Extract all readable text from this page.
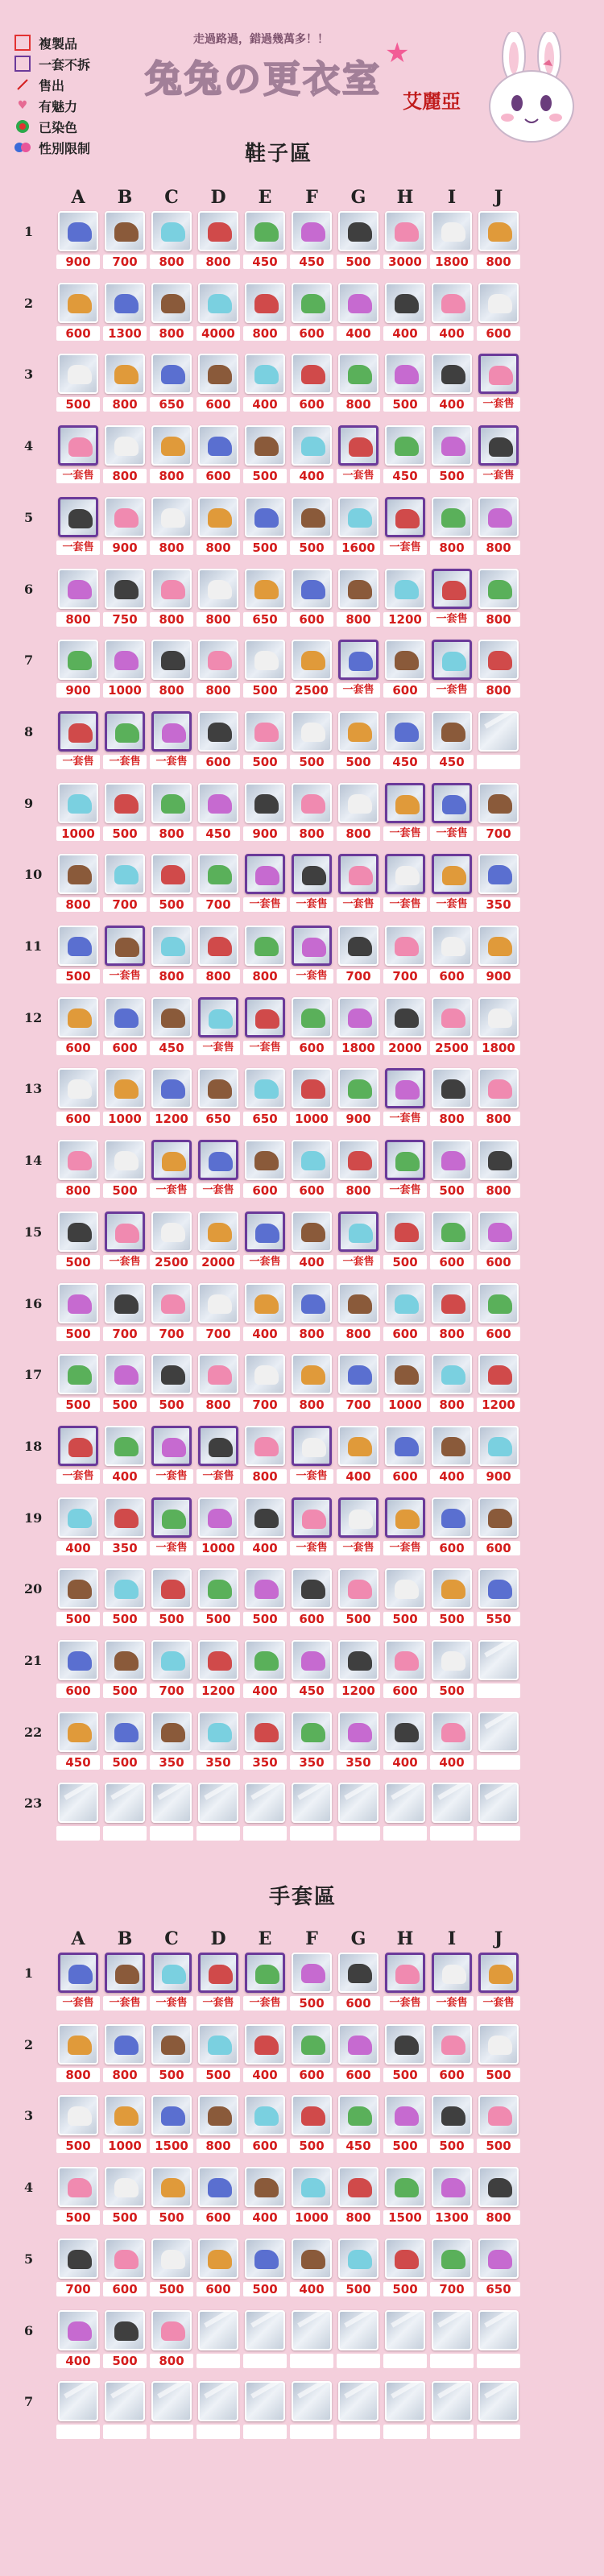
複製品
一套不拆
售出
♥ 有魅力
已染色
性別限制
走過路過，錯過幾萬多！！
兔兔の更衣室
★
艾麗亞
鞋子區
A	B	C	D	E	F	G	H	I	J
1
900	700	800	800	450	450	500	3000	1800	800
2
600	1300	800	4000	800	600	400	400	400	600
3
500	800	650	600	400	600	800	500	400	一套售
4
一套售	800	800	600	500	400	一套售	450	500	一套售
5
一套售	900	800	800	500	500	1600	一套售	800	800
6
800	750	800	800	650	600	800	1200	一套售	800
7
900	1000	800	800	500	2500	一套售	600	一套售	800
8
一套售	一套售	一套售	600	500	500	500	450	450
9
1000	500	800	450	900	800	800	一套售	一套售	700
10
800	700	500	700	一套售	一套售	一套售	一套售	一套售	350
11
500	一套售	800	800	800	一套售	700	700	600	900
12
600	600	450	一套售	一套售	600	1800	2000	2500	1800
13
600	1000	1200	650	650	1000	900	一套售	800	800
14
800	500	一套售	一套售	600	600	800	一套售	500	800
15
500	一套售	2500	2000	一套售	400	一套售	500	600	600
16
500	700	700	700	400	800	800	600	800	600
17
500	500	500	800	700	800	700	1000	800	1200
18
一套售	400	一套售	一套售	800	一套售	400	600	400	900
19
400	350	一套售	1000	400	一套售	一套售	一套售	600	600
20
500	500	500	500	500	600	500	500	500	550
21
600	500	700	1200	400	450	1200	600	500
22
450	500	350	350	350	350	350	400	400
23
手套區
A	B	C	D	E	F	G	H	I	J
1
一套售	一套售	一套售	一套售	一套售	500	600	一套售	一套售	一套售
2
800	800	500	500	400	600	600	500	600	500
3
500	1000	1500	800	600	500	450	500	500	500
4
500	500	500	600	400	1000	800	1500	1300	800
5
700	600	500	600	500	400	500	500	700	650
6
400	500	800
7
